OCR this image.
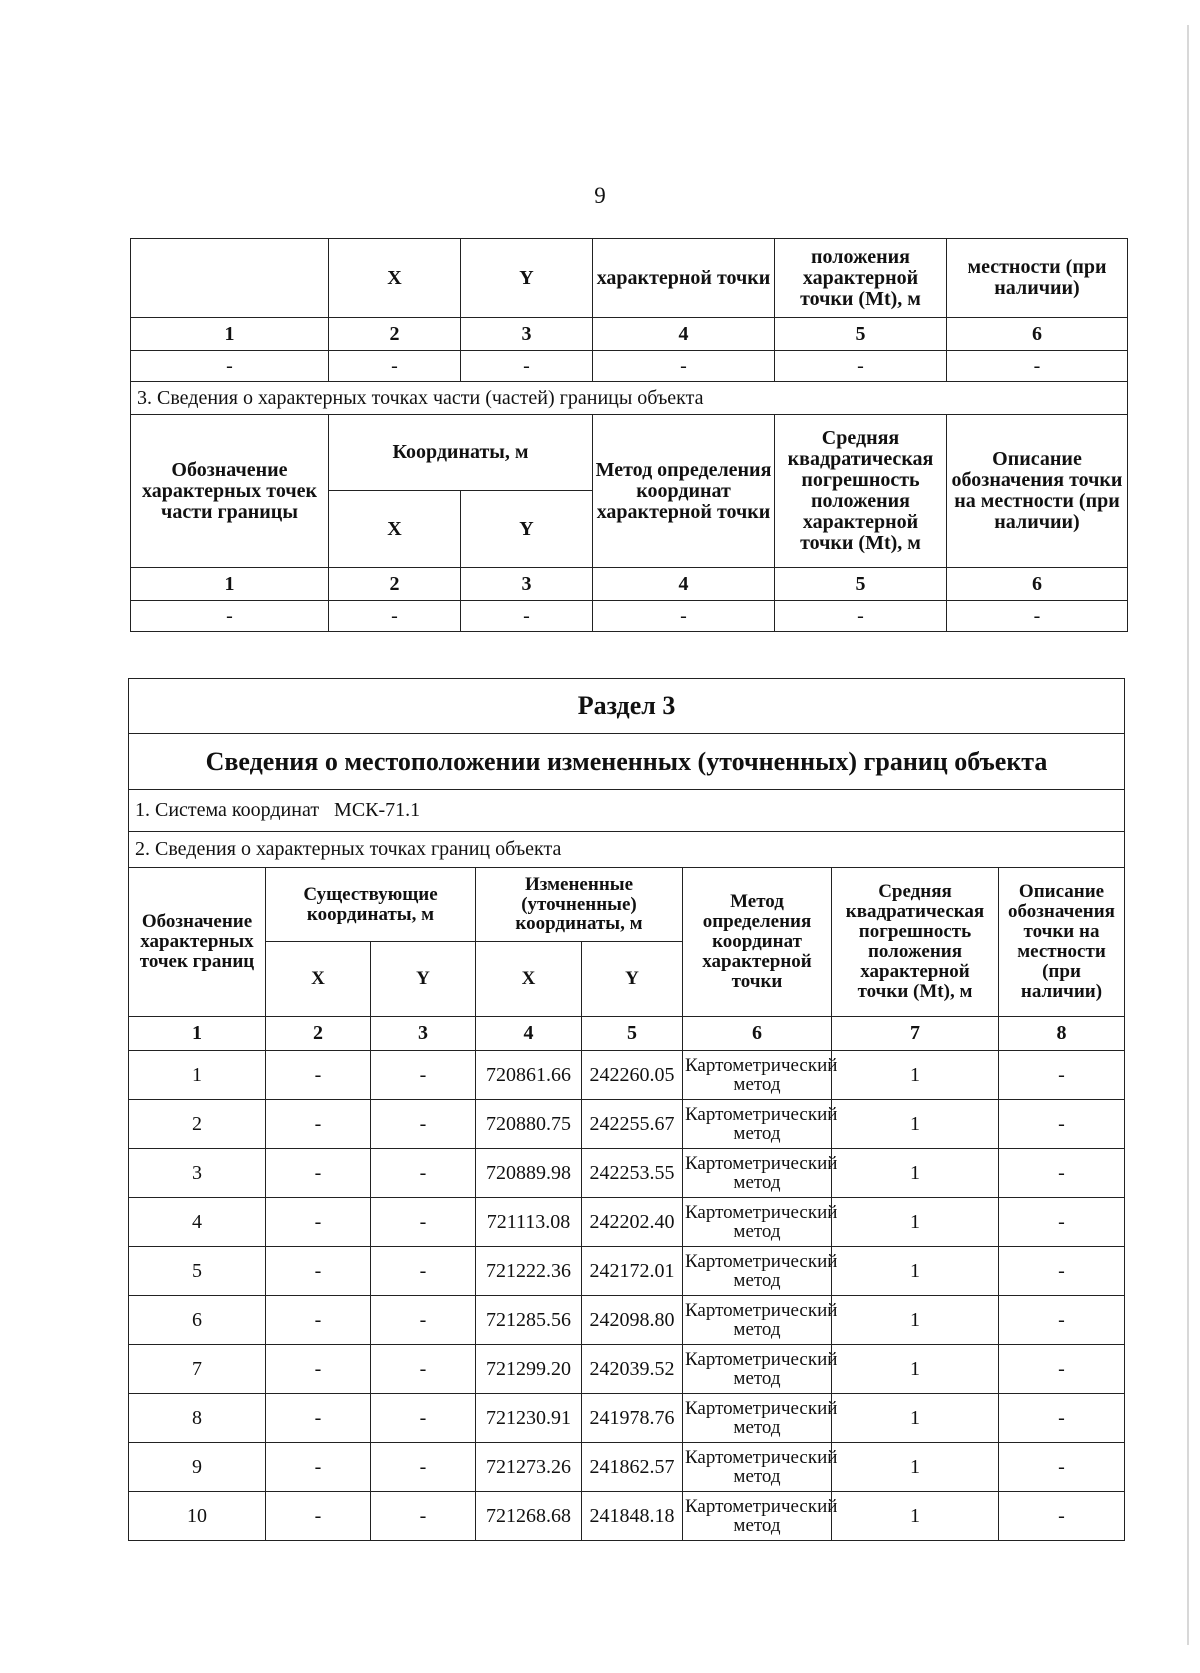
9
	X	Y	характерной точки	положения характерной точки (Mt), м	местности (при наличии)
1	2	3	4	5	6
-	-	-	-	-	-
3. Сведения о характерных точках части (частей) границы объекта					
Обозначение характерных точек части границы	Координаты, м		Метод определения координат характерной точки	Средняя квадратическая погрешность положения характерной точки (Mt), м	Описание обозначения точки на местности (при наличии)
	X	Y			
1	2	3	4	5	6
-	-	-	-	-	-
Раздел 3							
Сведения о местоположении измененных (уточненных) границ объекта							
1. Система координат   МСК-71.1							
2. Сведения о характерных точках границ объекта							
Обозначение характерных точек границ	Существующие координаты, м		Измененные (уточненные) координаты, м		Метод определения координат характерной точки	Средняя квадратическая погрешность положения характерной точки (Mt), м	Описание обозначения точки на местности (при наличии)
	X	Y	X	Y			
1	2	3	4	5	6	7	8
1	-	-	720861.66	242260.05	Картометрический метод	1	-
2	-	-	720880.75	242255.67	Картометрический метод	1	-
3	-	-	720889.98	242253.55	Картометрический метод	1	-
4	-	-	721113.08	242202.40	Картометрический метод	1	-
5	-	-	721222.36	242172.01	Картометрический метод	1	-
6	-	-	721285.56	242098.80	Картометрический метод	1	-
7	-	-	721299.20	242039.52	Картометрический метод	1	-
8	-	-	721230.91	241978.76	Картометрический метод	1	-
9	-	-	721273.26	241862.57	Картометрический метод	1	-
10	-	-	721268.68	241848.18	Картометрический метод	1	-
